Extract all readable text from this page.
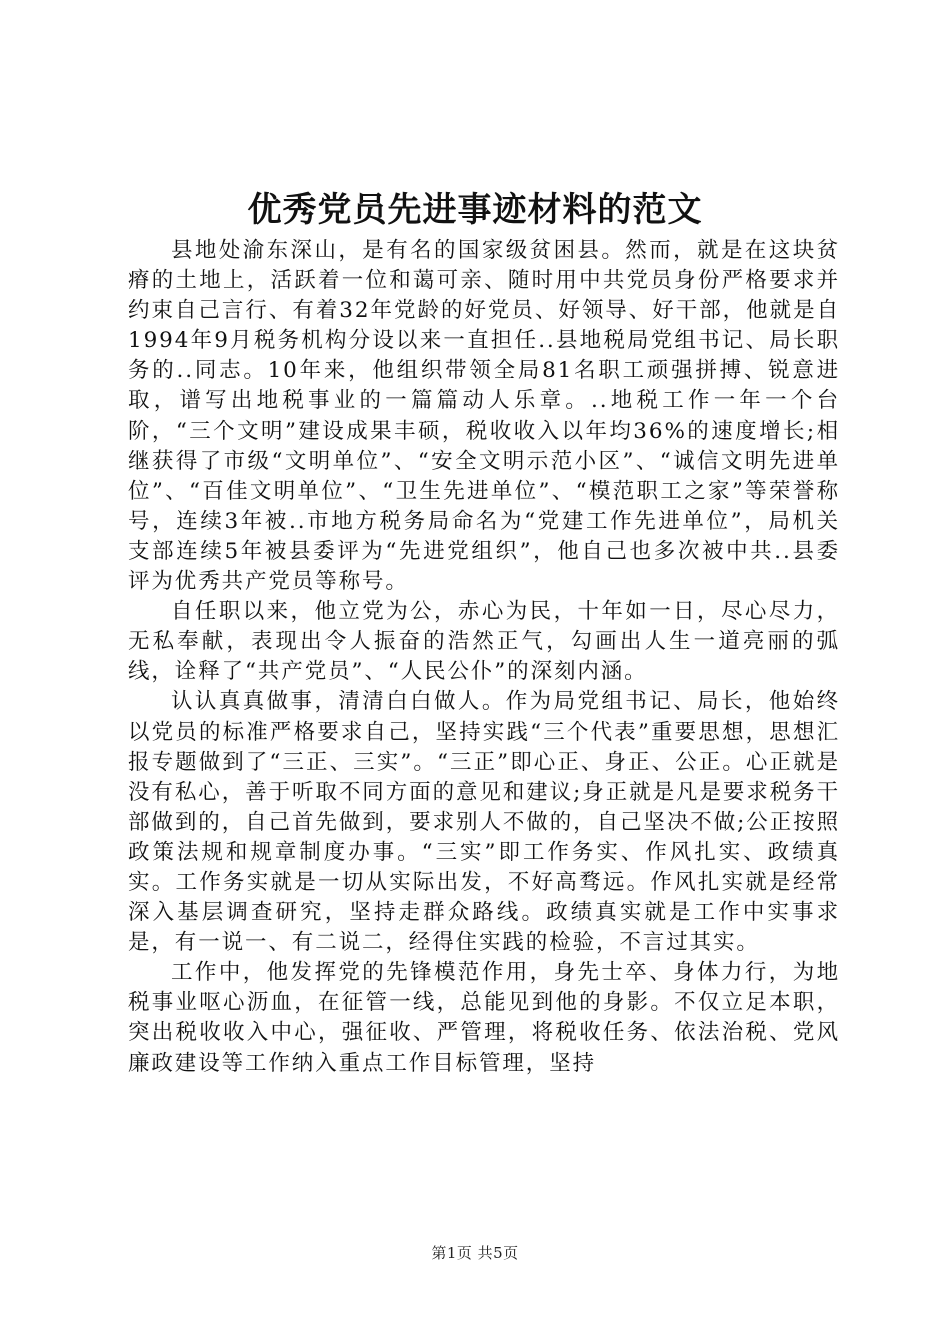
优秀党员先进事迹材料的范文

县地处渝东深山，是有名的国家级贫困县。然而，就是在这块贫瘠的土地上，活跃着一位和蔼可亲、随时用中共党员身份严格要求并约束自己言行、有着32年党龄的好党员、好领导、好干部，他就是自1994年9月税务机构分设以来一直担任..县地税局党组书记、局长职务的..同志。10年来，他组织带领全局81名职工顽强拼搏、锐意进取，谱写出地税事业的一篇篇动人乐章。..地税工作一年一个台阶，“三个文明”建设成果丰硕，税收收入以年均36%的速度增长;相继获得了市级“文明单位”、“安全文明示范小区”、“诚信文明先进单位”、“百佳文明单位”、“卫生先进单位”、“模范职工之家”等荣誉称号，连续3年被..市地方税务局命名为“党建工作先进单位”，局机关支部连续5年被县委评为“先进党组织”，他自己也多次被中共..县委评为优秀共产党员等称号。

自任职以来，他立党为公，赤心为民，十年如一日，尽心尽力，无私奉献，表现出令人振奋的浩然正气，勾画出人生一道亮丽的弧线，诠释了“共产党员”、“人民公仆”的深刻内涵。

认认真真做事，清清白白做人。作为局党组书记、局长，他始终以党员的标准严格要求自己，坚持实践“三个代表”重要思想，思想汇报专题做到了“三正、三实”。“三正”即心正、身正、公正。心正就是没有私心，善于听取不同方面的意见和建议;身正就是凡是要求税务干部做到的，自己首先做到，要求别人不做的，自己坚决不做;公正按照政策法规和规章制度办事。“三实”即工作务实、作风扎实、政绩真实。工作务实就是一切从实际出发，不好高骛远。作风扎实就是经常深入基层调查研究，坚持走群众路线。政绩真实就是工作中实事求是，有一说一、有二说二，经得住实践的检验，不言过其实。

工作中，他发挥党的先锋模范作用，身先士卒、身体力行，为地税事业呕心沥血，在征管一线，总能见到他的身影。不仅立足本职，突出税收收入中心，强征收、严管理，将税收任务、依法治税、党风廉政建设等工作纳入重点工作目标管理，坚持

第1页 共5页
